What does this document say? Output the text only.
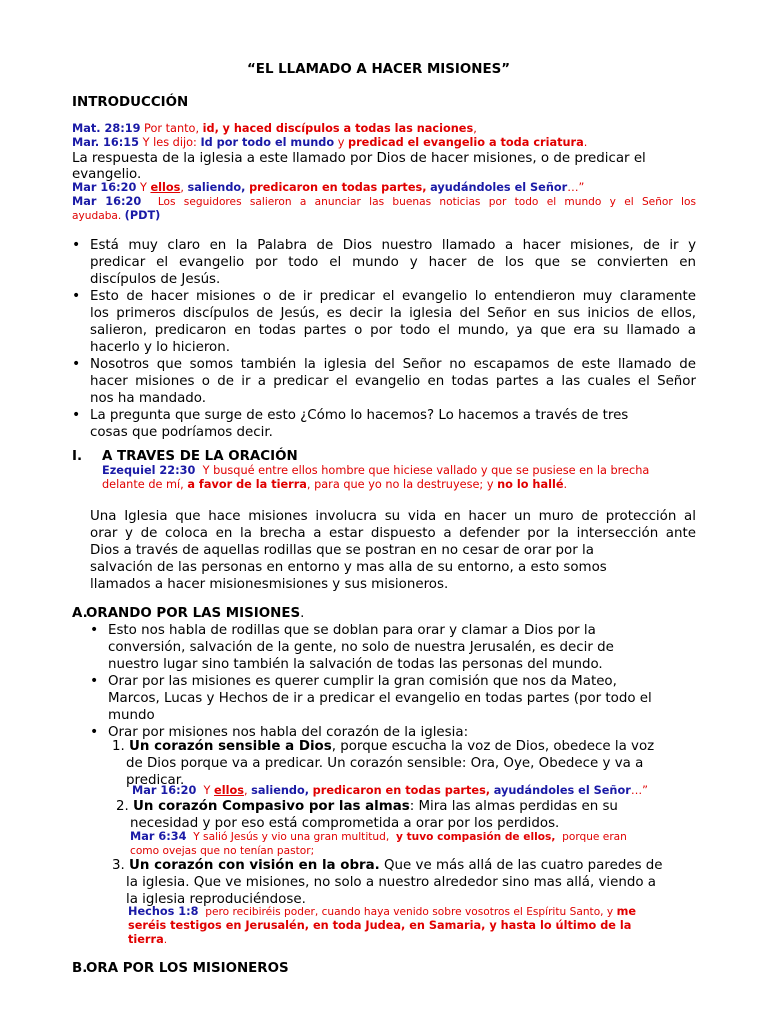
“EL LLAMADO A HACER MISIONES”
INTRODUCCIÓN
Mat. 28:19 Por tanto, id, y haced discípulos a todas las naciones,
Mar. 16:15 Y les dijo: Id por todo el mundo y predicad el evangelio a toda criatura.
La respuesta de la iglesia a este llamado por Dios de hacer misiones, o de predicar el
evangelio.
Mar 16:20 Y ellos, saliendo, predicaron en todas partes, ayudándoles el Señor…”
Mar 16:20 Los seguidores salieron a anunciar las buenas noticias por todo el mundo y el Señor los
ayudaba. (PDT)
• Está muy claro en la Palabra de Dios nuestro llamado a hacer misiones, de ir y
predicar el evangelio por todo el mundo y hacer de los que se convierten en
discípulos de Jesús.
• Esto de hacer misiones o de ir predicar el evangelio lo entendieron muy claramente
los primeros discípulos de Jesús, es decir la iglesia del Señor en sus inicios de ellos,
salieron, predicaron en todas partes o por todo el mundo, ya que era su llamado a
hacerlo y lo hicieron.
• Nosotros que somos también la iglesia del Señor no escapamos de este llamado de
hacer misiones o de ir a predicar el evangelio en todas partes a las cuales el Señor
nos ha mandado.
• La pregunta que surge de esto ¿Cómo lo hacemos? Lo hacemos a través de tres
cosas que podríamos decir.
I. A TRAVES DE LA ORACIÓN
Ezequiel 22:30 Y busqué entre ellos hombre que hiciese vallado y que se pusiese en la brecha
delante de mí, a favor de la tierra, para que yo no la destruyese; y no lo hallé.
Una Iglesia que hace misiones involucra su vida en hacer un muro de protección al
orar y de coloca en la brecha a estar dispuesto a defender por la intersección ante
Dios a través de aquellas rodillas que se postran en no cesar de orar por la
salvación de las personas en entorno y mas alla de su entorno, a esto somos
llamados a hacer misionesmisiones y sus misioneros.
A.
ORANDO POR LAS MISIONES.
• Esto nos habla de rodillas que se doblan para orar y clamar a Dios por la
conversión, salvación de la gente, no solo de nuestra Jerusalén, es decir de
nuestro lugar sino también la salvación de todas las personas del mundo.
• Orar por las misiones es querer cumplir la gran comisión que nos da Mateo,
Marcos, Lucas y Hechos de ir a predicar el evangelio en todas partes (por todo el
mundo
• Orar por misiones nos habla del corazón de la iglesia:
1. Un corazón sensible a Dios, porque escucha la voz de Dios, obedece la voz
de Dios porque va a predicar. Un corazón sensible: Ora, Oye, Obedece y va a
predicar.
Mar 16:20 Y ellos, saliendo, predicaron en todas partes, ayudándoles el Señor…”
2. Un corazón Compasivo por las almas: Mira las almas perdidas en su
necesidad y por eso está comprometida a orar por los perdidos.
Mar 6:34 Y salió Jesús y vio una gran multitud, y tuvo compasión de ellos, porque eran
como ovejas que no tenían pastor;
3. Un corazón con visión en la obra. Que ve más allá de las cuatro paredes de
la iglesia. Que ve misiones, no solo a nuestro alrededor sino mas allá, viendo a
la iglesia reproduciéndose.
Hechos 1:8 pero recibiréis poder, cuando haya venido sobre vosotros el Espíritu Santo, y me
seréis testigos en Jerusalén, en toda Judea, en Samaria, y hasta lo último de la
tierra.
B.
ORA POR LOS MISIONEROS
